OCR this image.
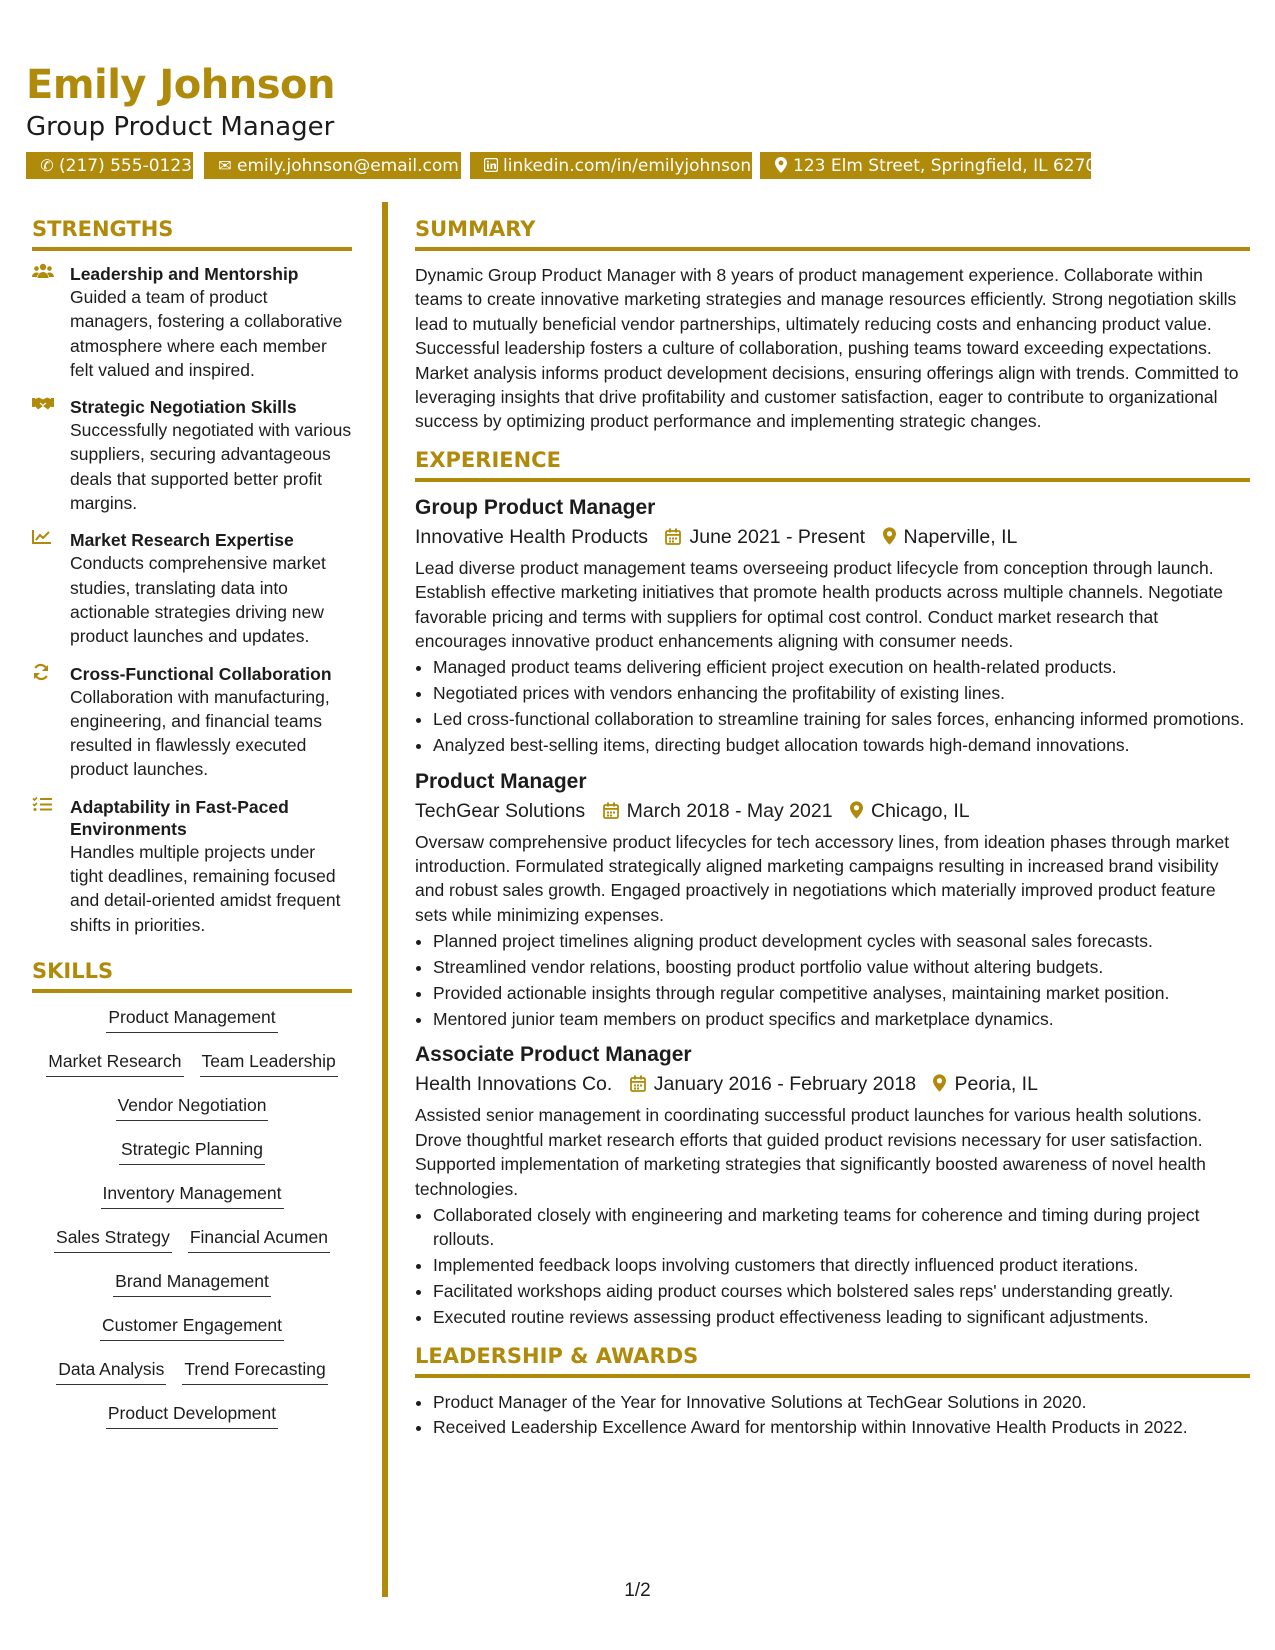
Emily Johnson
Group Product Manager
✆ (217) 555-0123	✉ emily.johnson@email.com	linkedin.com/in/emilyjohnson	123 Elm Street, Springfield, IL 62701
STRENGTHS
Leadership and Mentorship
Guided a team of product managers, fostering a collaborative atmosphere where each member felt valued and inspired.
Strategic Negotiation Skills
Successfully negotiated with various suppliers, securing advantageous deals that supported better profit margins.
Market Research Expertise
Conducts comprehensive market studies, translating data into actionable strategies driving new product launches and updates.
Cross-Functional Collaboration
Collaboration with manufacturing, engineering, and financial teams resulted in flawlessly executed product launches.
Adaptability in Fast-Paced Environments
Handles multiple projects under tight deadlines, remaining focused and detail-oriented amidst frequent shifts in priorities.
SKILLS
Product Management
Market Research Team Leadership
Vendor Negotiation
Strategic Planning
Inventory Management
Sales Strategy Financial Acumen
Brand Management
Customer Engagement
Data Analysis Trend Forecasting
Product Development
SUMMARY

Dynamic Group Product Manager with 8 years of product management experience. Collaborate within teams to create innovative marketing strategies and manage resources efficiently. Strong negotiation skills lead to mutually beneficial vendor partnerships, ultimately reducing costs and enhancing product value. Successful leadership fosters a culture of collaboration, pushing teams toward exceeding expectations. Market analysis informs product development decisions, ensuring offerings align with trends. Committed to leveraging insights that drive profitability and customer satisfaction, eager to contribute to organizational success by optimizing product performance and implementing strategic changes.

EXPERIENCE
Group Product Manager
Innovative Health Products June 2021 - Present Naperville, IL
Lead diverse product management teams overseeing product lifecycle from conception through launch. Establish effective marketing initiatives that promote health products across multiple channels. Negotiate favorable pricing and terms with suppliers for optimal cost control. Conduct market research that encourages innovative product enhancements aligning with consumer needs.
• Managed product teams delivering efficient project execution on health-related products.
• Negotiated prices with vendors enhancing the profitability of existing lines.
• Led cross-functional collaboration to streamline training for sales forces, enhancing informed promotions.
• Analyzed best-selling items, directing budget allocation towards high-demand innovations.
Product Manager
TechGear Solutions March 2018 - May 2021 Chicago, IL
Oversaw comprehensive product lifecycles for tech accessory lines, from ideation phases through market introduction. Formulated strategically aligned marketing campaigns resulting in increased brand visibility and robust sales growth. Engaged proactively in negotiations which materially improved product feature sets while minimizing expenses.
• Planned project timelines aligning product development cycles with seasonal sales forecasts.
• Streamlined vendor relations, boosting product portfolio value without altering budgets.
• Provided actionable insights through regular competitive analyses, maintaining market position.
• Mentored junior team members on product specifics and marketplace dynamics.
Associate Product Manager
Health Innovations Co. January 2016 - February 2018 Peoria, IL
Assisted senior management in coordinating successful product launches for various health solutions. Drove thoughtful market research efforts that guided product revisions necessary for user satisfaction. Supported implementation of marketing strategies that significantly boosted awareness of novel health technologies.
• Collaborated closely with engineering and marketing teams for coherence and timing during project rollouts.
• Implemented feedback loops involving customers that directly influenced product iterations.
• Facilitated workshops aiding product courses which bolstered sales reps' understanding greatly.
• Executed routine reviews assessing product effectiveness leading to significant adjustments.
LEADERSHIP & AWARDS
• Product Manager of the Year for Innovative Solutions at TechGear Solutions in 2020.
• Received Leadership Excellence Award for mentorship within Innovative Health Products in 2022.
1/2
